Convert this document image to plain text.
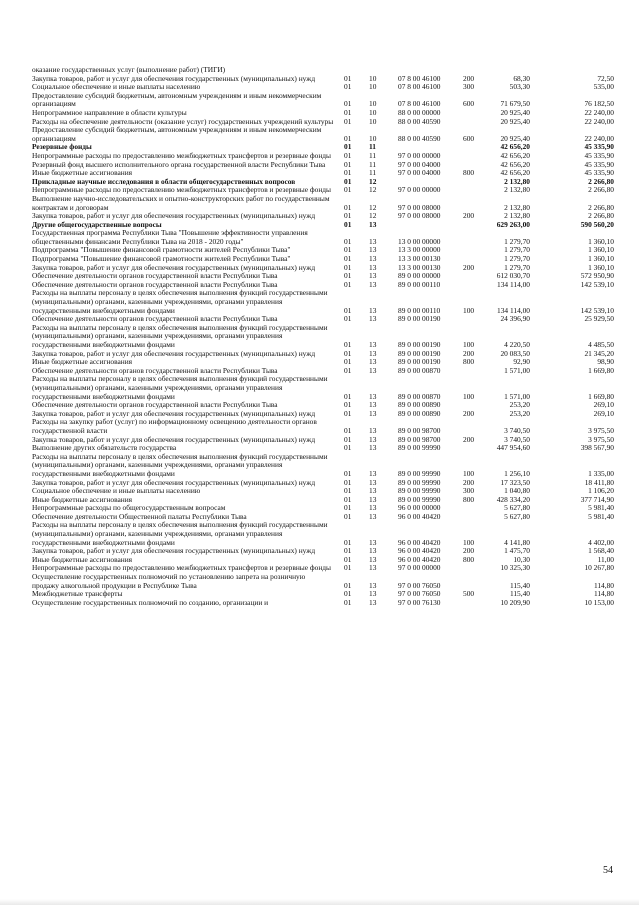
оказание государственных услуг (выполнение работ) (ТИГИ)
Закупка товаров, работ и услуг для обеспечения государственных (муниципальных) нужд	01 10	07 8 00 46100	200	68,30	72,50
Социальное обеспечение и иные выплаты населению	01 10	07 8 00 46100	300	503,30	535,00
Предоставление субсидий бюджетным, автономным учреждениям и иным некоммерческим организациям	01 10	07 8 00 46100	600	71 679,50	76 182,50
Непрограммное направление в области культуры	01 10	88 0 00 00000	20 925,40	22 240,00
Расходы на обеспечение деятельности (оказание услуг) государственных учреждений культуры 01 10	88 0 00 40590	20 925,40	22 240,00
Предоставление субсидий бюджетным, автономным учреждениям и иным некоммерческим организациям	01 10	88 0 00 40590	600	20 925,40	22 240,00
Резервные фонды	01 11	42 656,20	45 335,90
Непрограммные расходы по предоставлению межбюджетных трансфертов и резервные фонды	01 11	97 0 00 00000	42 656,20	45 335,90
Резервный фонд высшего исполнительного органа государственной власти Республики Тыва	01 11	97 0 00 04000	42 656,20	45 335,90
Иные бюджетные ассигнования	01 11	97 0 00 04000	800	42 656,20	45 335,90
Прикладные научные исследования в области общегосударственных вопросов	01 12	2 132,80	2 266,80
Непрограммные расходы по предоставлению межбюджетных трансфертов и резервные фонды	01 12	97 0 00 00000	2 132,80	2 266,80
Выполнение научно-исследовательских и опытно-конструкторских работ по государственным контрактам и договорам	01 12	97 0 00 08000	2 132,80	2 266,80
Закупка товаров, работ и услуг для обеспечения государственных (муниципальных) нужд	01 12	97 0 00 08000	200	2 132,80	2 266,80
Другие общегосударственные вопросы	01 13	629 263,00	590 560,20
Государственная программа Республики Тыва "Повышение эффективности управления общественными финансами Республики Тыва на 2018 - 2020 годы"	01 13	13 0 00 00000	1 279,70	1 360,10
Подпрограмма "Повышение финансовой грамотности жителей Республики Тыва"	01 13	13 3 00 00000	1 279,70	1 360,10
Подпрограмма "Повышение финансовой грамотности жителей Республики Тыва"	01 13	13 3 00 00130	1 279,70	1 360,10
Закупка товаров, работ и услуг для обеспечения государственных (муниципальных) нужд	01 13	13 3 00 00130	200	1 279,70	1 360,10
Обеспечение деятельности органов государственной власти Республики Тыва	01 13	89 0 00 00000	612 030,70	572 950,90
Обеспечение деятельности органов государственной власти Республики Тыва	01 13	89 0 00 00110	134 114,00	142 539,10
Расходы на выплаты персоналу в целях обеспечения выполнения функций государственными (муниципальными) органами, казенными учреждениями, органами управления государственными внебюджетными фондами	01 13	89 0 00 00110	100	134 114,00	142 539,10
Обеспечение деятельности органов государственной власти Республики Тыва	01 13	89 0 00 00190	24 396,90	25 929,50
Расходы на выплаты персоналу в целях обеспечения выполнения функций государственными (муниципальными) органами, казенными учреждениями, органами управления государственными внебюджетными фондами	01 13	89 0 00 00190	100	4 220,50	4 485,50
Закупка товаров, работ и услуг для обеспечения государственных (муниципальных) нужд	01 13	89 0 00 00190	200	20 083,50	21 345,20
Иные бюджетные ассигнования	01 13	89 0 00 00190	800	92,90	98,90
Обеспечение деятельности органов государственной власти Республики Тыва	01 13	89 0 00 00870	1 571,00	1 669,80
Расходы на выплаты персоналу в целях обеспечения выполнения функций государственными (муниципальными) органами, казенными учреждениями, органами управления государственными внебюджетными фондами	01 13	89 0 00 00870	100	1 571,00	1 669,80
Обеспечение деятельности органов государственной власти Республики Тыва	01 13	89 0 00 00890	253,20	269,10
Закупка товаров, работ и услуг для обеспечения государственных (муниципальных) нужд	01 13	89 0 00 00890	200	253,20	269,10
Расходы на закупку работ (услуг) по информационному освещению деятельности органов государственной власти	01 13	89 0 00 98700	3 740,50	3 975,50
Закупка товаров, работ и услуг для обеспечения государственных (муниципальных) нужд	01 13	89 0 00 98700	200	3 740,50	3 975,50
Выполнение других обязательств государства	01 13	89 0 00 99990	447 954,60	398 567,90
Расходы на выплаты персоналу в целях обеспечения выполнения функций государственными (муниципальными) органами, казенными учреждениями, органами управления государственными внебюджетными фондами	01 13	89 0 00 99990	100	1 256,10	1 335,00
Закупка товаров, работ и услуг для обеспечения государственных (муниципальных) нужд	01 13	89 0 00 99990	200	17 323,50	18 411,80
Социальное обеспечение и иные выплаты населению	01 13	89 0 00 99990	300	1 040,80	1 106,20
Иные бюджетные ассигнования	01 13	89 0 00 99990	800	428 334,20	377 714,90
Непрограммные расходы по общегосударственным вопросам	01 13	96 0 00 00000	5 627,80	5 981,40
Обеспечение деятельности Общественной палаты Республики Тыва	01 13	96 0 00 40420	5 627,80	5 981,40
Расходы на выплаты персоналу в целях обеспечения выполнения функций государственными (муниципальными) органами, казенными учреждениями, органами управления государственными внебюджетными фондами	01 13	96 0 00 40420	100	4 141,80	4 402,00
Закупка товаров, работ и услуг для обеспечения государственных (муниципальных) нужд	01 13	96 0 00 40420	200	1 475,70	1 568,40
Иные бюджетные ассигнования	01 13	96 0 00 40420	800	10,30	11,00
Непрограммные расходы по предоставлению межбюджетных трансфертов и резервные фонды	01 13	97 0 00 00000	10 325,30	10 267,80
Осуществление государственных полномочий по установлению запрета на розничную продажу алкогольной продукции в Республике Тыва	01 13	97 0 00 76050	115,40	114,80
Межбюджетные трансферты	01 13	97 0 00 76050	500	115,40	114,80
Осуществление государственных полномочий по созданию, организации и	01 13	97 0 00 76130	10 209,90	10 153,00
54
